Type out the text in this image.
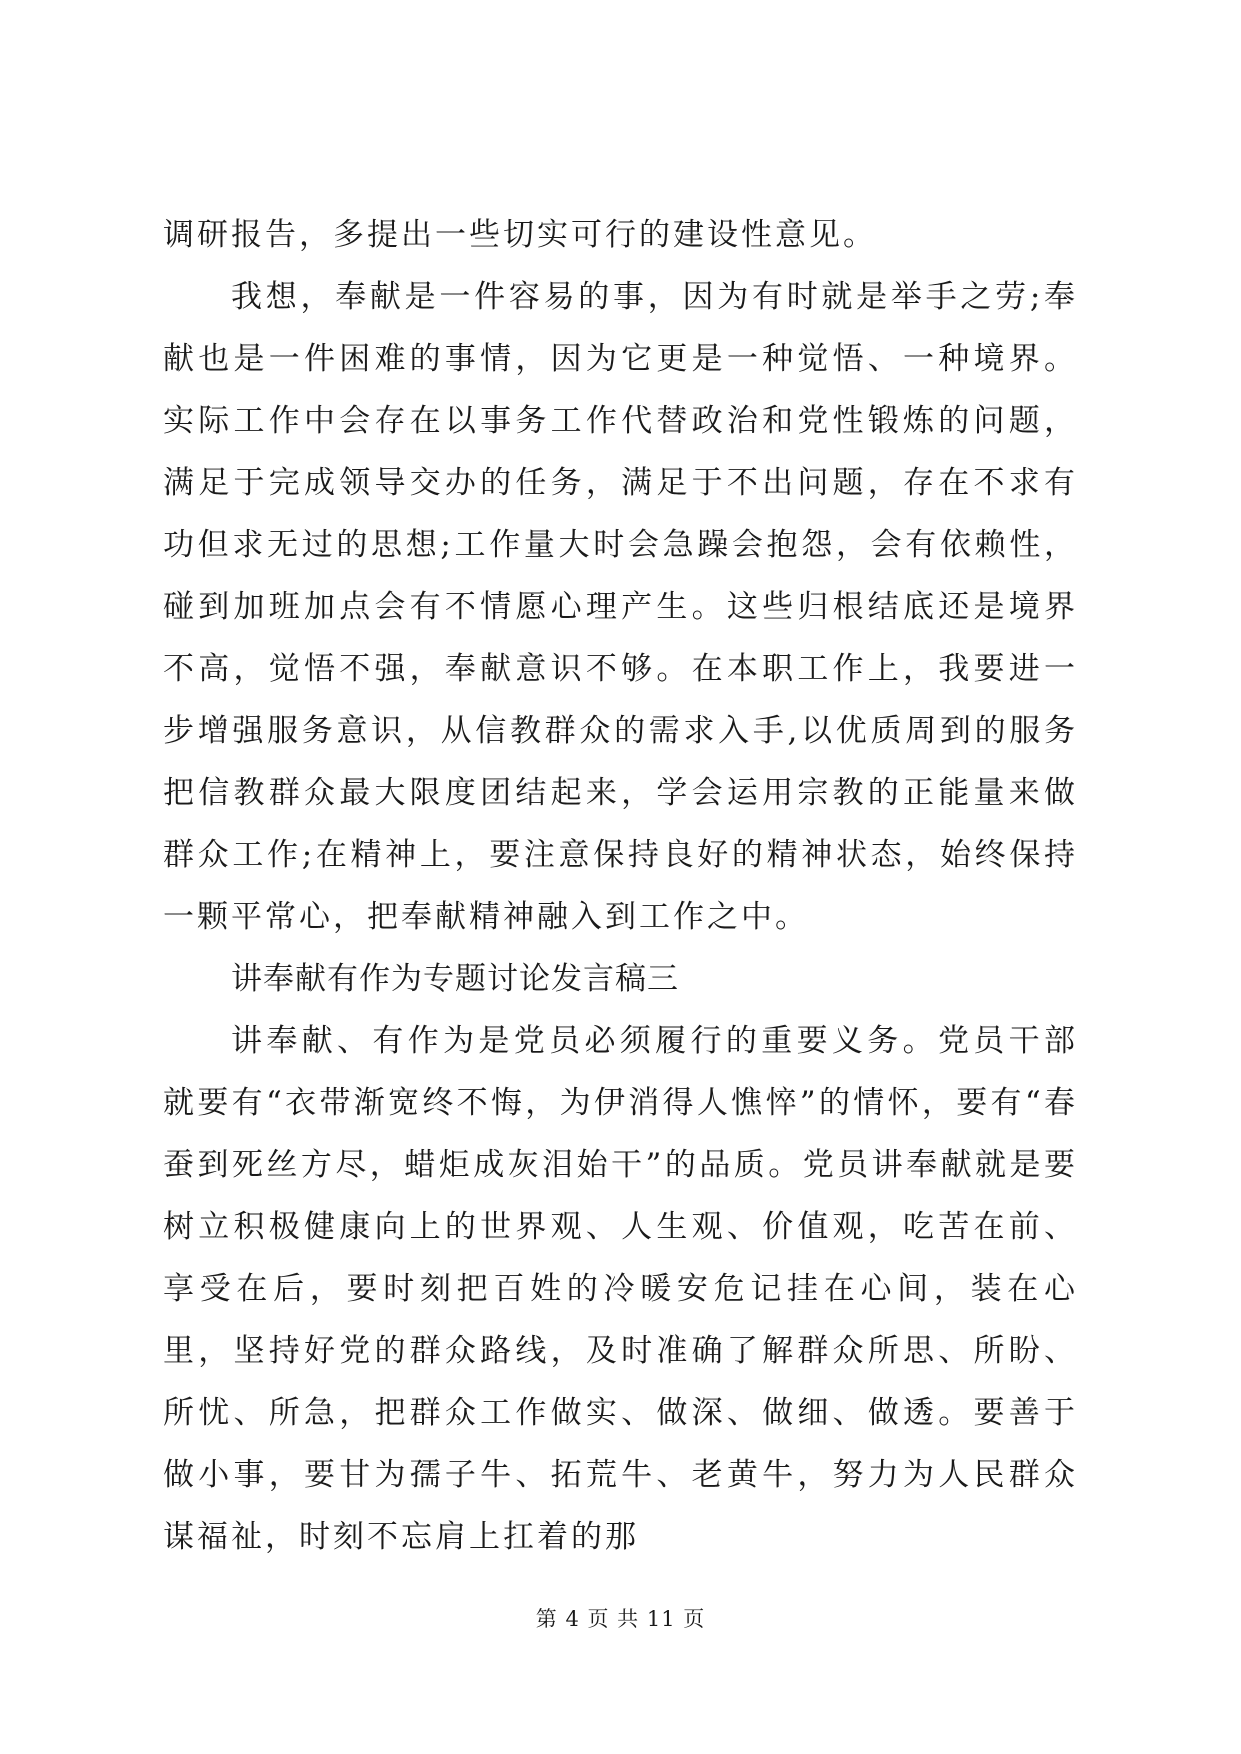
调研报告，多提出一些切实可行的建设性意见。

我想，奉献是一件容易的事，因为有时就是举手之劳;奉献也是一件困难的事情，因为它更是一种觉悟、一种境界。实际工作中会存在以事务工作代替政治和党性锻炼的问题，满足于完成领导交办的任务，满足于不出问题，存在不求有功但求无过的思想;工作量大时会急躁会抱怨，会有依赖性，碰到加班加点会有不情愿心理产生。这些归根结底还是境界不高，觉悟不强，奉献意识不够。在本职工作上，我要进一步增强服务意识，从信教群众的需求入手,以优质周到的服务把信教群众最大限度团结起来，学会运用宗教的正能量来做群众工作;在精神上，要注意保持良好的精神状态，始终保持一颗平常心，把奉献精神融入到工作之中。

讲奉献有作为专题讨论发言稿三

讲奉献、有作为是党员必须履行的重要义务。党员干部就要有“衣带渐宽终不悔，为伊消得人憔悴”的情怀，要有“春蚕到死丝方尽，蜡炬成灰泪始干”的品质。党员讲奉献就是要树立积极健康向上的世界观、人生观、价值观，吃苦在前、享受在后，要时刻把百姓的冷暖安危记挂在心间，装在心里，坚持好党的群众路线，及时准确了解群众所思、所盼、所忧、所急，把群众工作做实、做深、做细、做透。要善于做小事，要甘为孺子牛、拓荒牛、老黄牛，努力为人民群众谋福祉，时刻不忘肩上扛着的那

第 4 页 共 11 页
